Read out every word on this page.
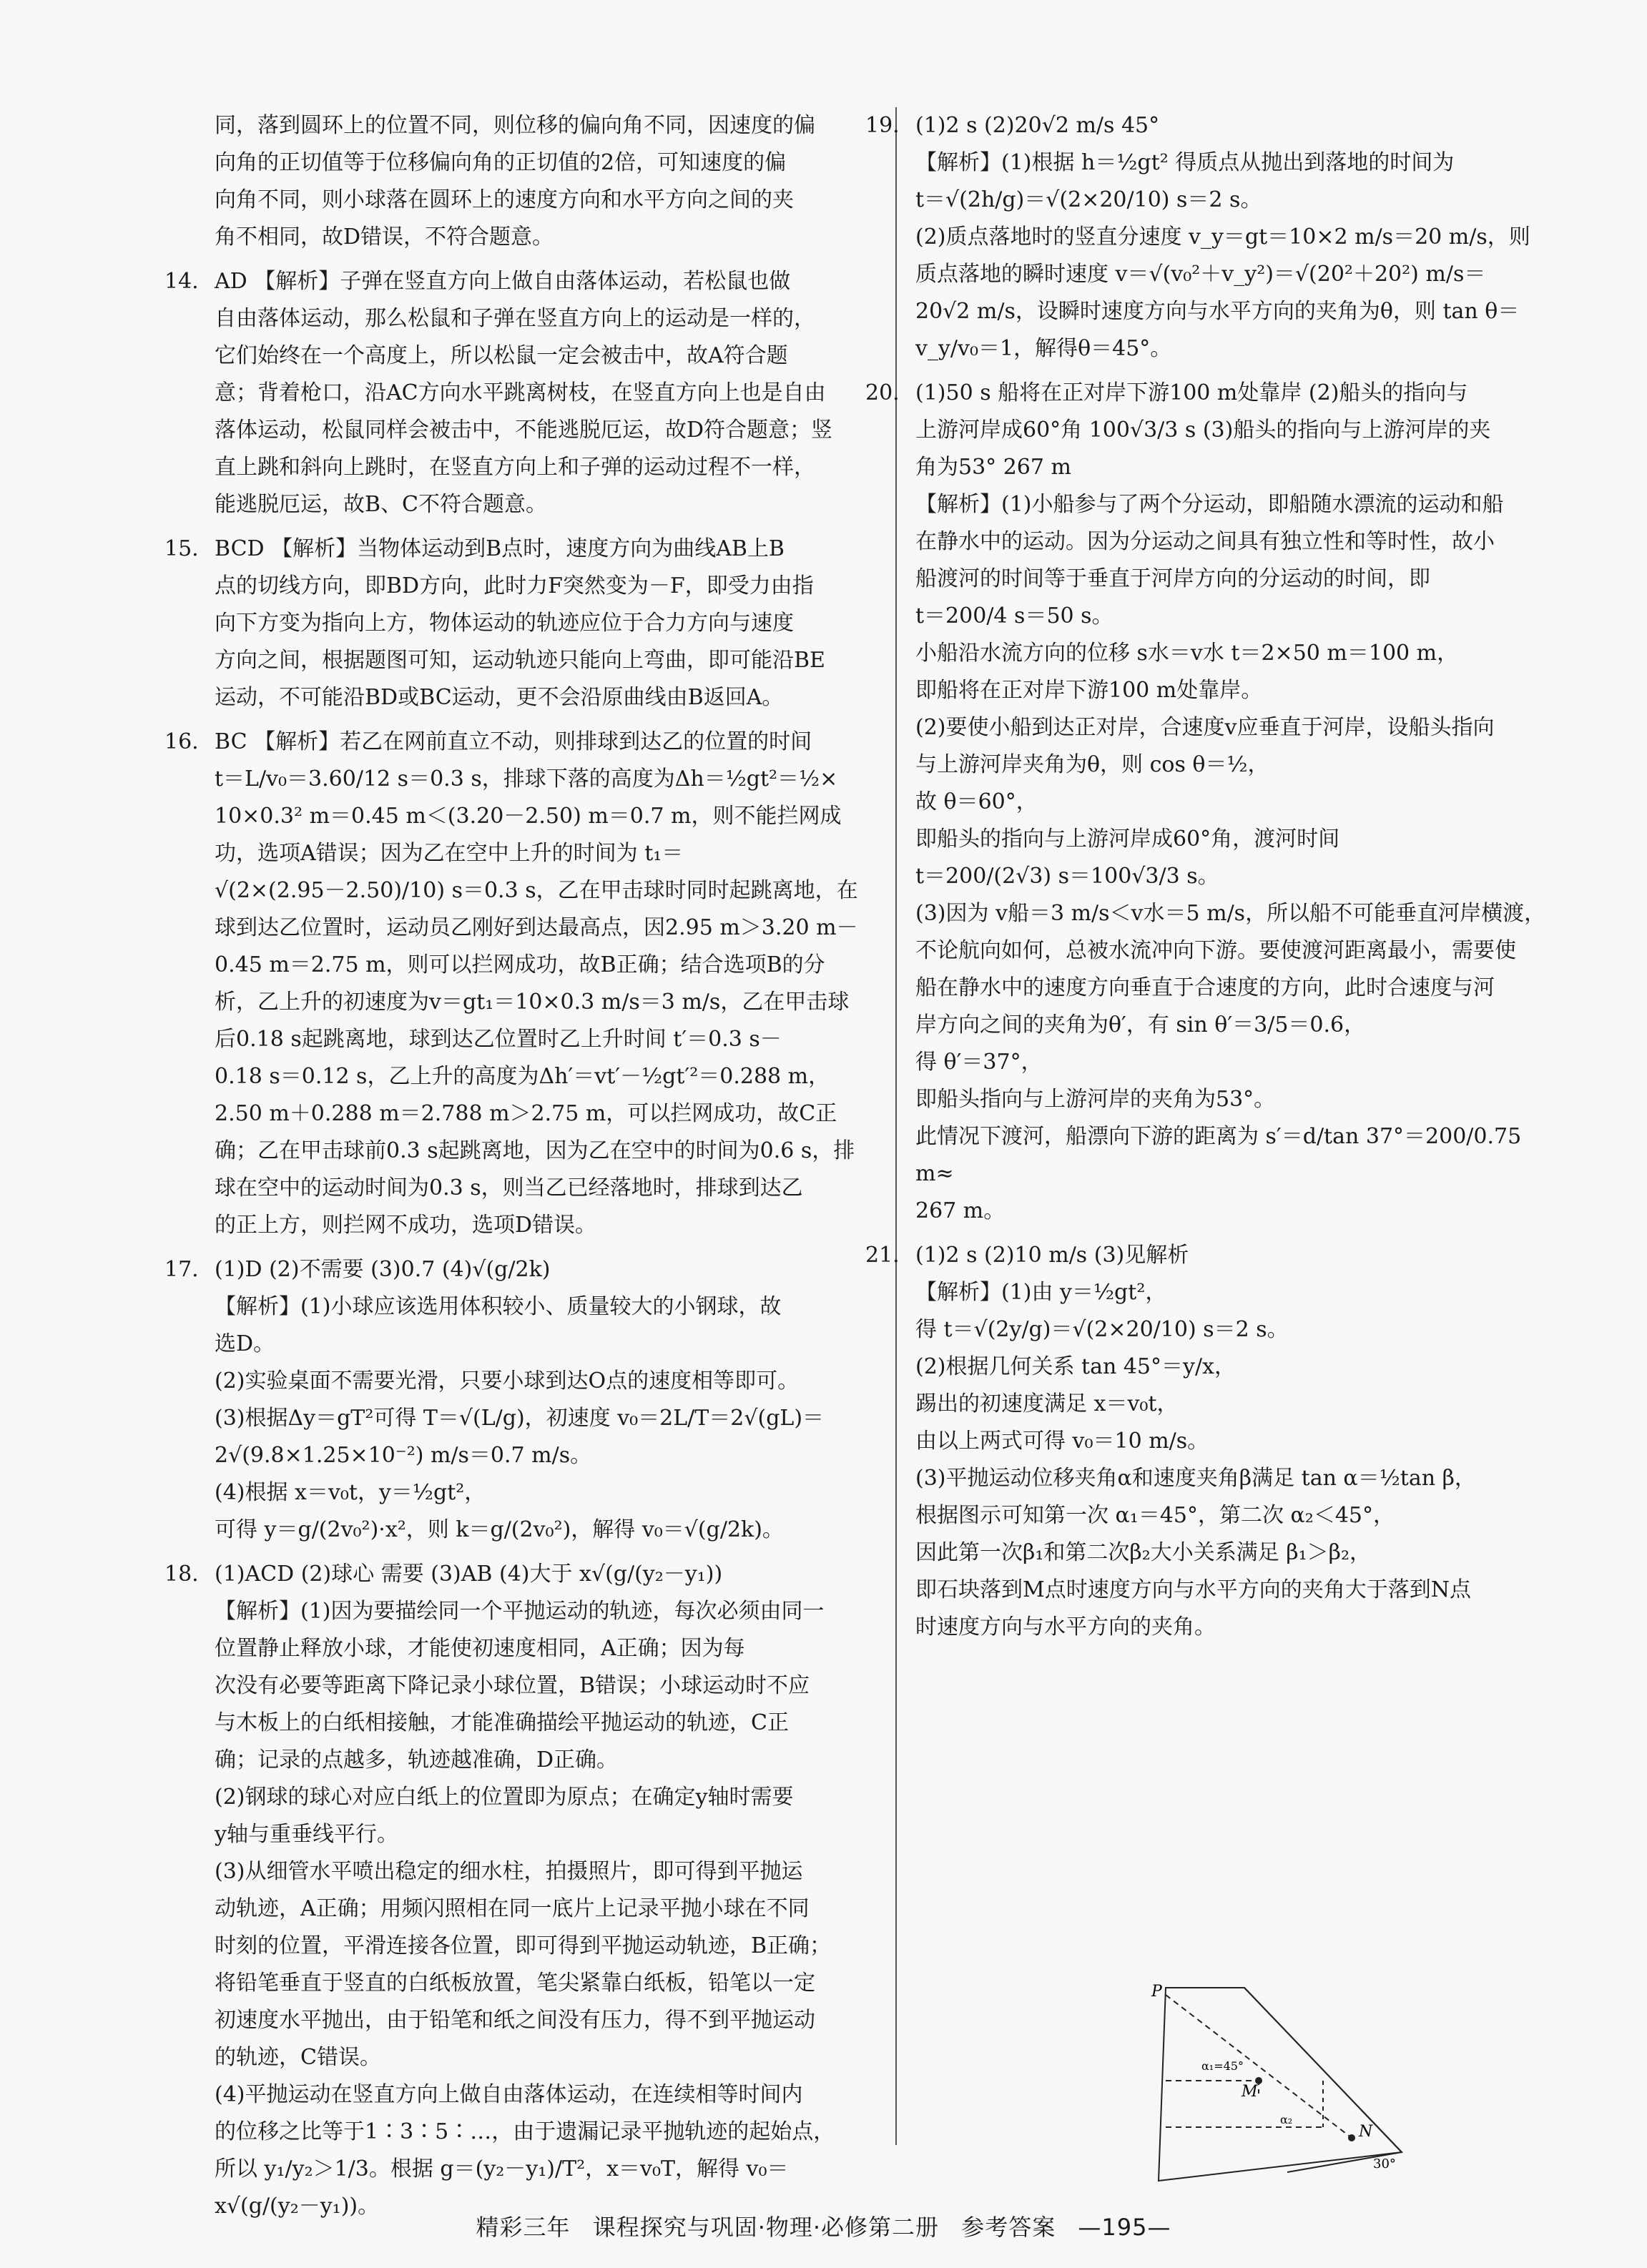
同，落到圆环上的位置不同，则位移的偏向角不同，因速度的偏

向角的正切值等于位移偏向角的正切值的2倍，可知速度的偏

向角不同，则小球落在圆环上的速度方向和水平方向之间的夹

角不相同，故D错误，不符合题意。

14. AD 【解析】子弹在竖直方向上做自由落体运动，若松鼠也做

自由落体运动，那么松鼠和子弹在竖直方向上的运动是一样的，

它们始终在一个高度上，所以松鼠一定会被击中，故A符合题

意；背着枪口，沿AC方向水平跳离树枝，在竖直方向上也是自由

落体运动，松鼠同样会被击中，不能逃脱厄运，故D符合题意；竖

直上跳和斜向上跳时，在竖直方向上和子弹的运动过程不一样，

能逃脱厄运，故B、C不符合题意。

15. BCD 【解析】当物体运动到B点时，速度方向为曲线AB上B

点的切线方向，即BD方向，此时力F突然变为－F，即受力由指

向下方变为指向上方，物体运动的轨迹应位于合力方向与速度

方向之间，根据题图可知，运动轨迹只能向上弯曲，即可能沿BE

运动，不可能沿BD或BC运动，更不会沿原曲线由B返回A。

16. BC 【解析】若乙在网前直立不动，则排球到达乙的位置的时间

t＝L/v₀＝3.60/12 s＝0.3 s，排球下落的高度为Δh＝½gt²＝½×

10×0.3² m＝0.45 m＜(3.20－2.50) m＝0.7 m，则不能拦网成

功，选项A错误；因为乙在空中上升的时间为 t₁＝

√(2×(2.95－2.50)/10) s＝0.3 s，乙在甲击球时同时起跳离地，在

球到达乙位置时，运动员乙刚好到达最高点，因2.95 m＞3.20 m－

0.45 m＝2.75 m，则可以拦网成功，故B正确；结合选项B的分

析，乙上升的初速度为v＝gt₁＝10×0.3 m/s＝3 m/s，乙在甲击球

后0.18 s起跳离地，球到达乙位置时乙上升时间 t′＝0.3 s－

0.18 s＝0.12 s，乙上升的高度为Δh′＝vt′－½gt′²＝0.288 m，

2.50 m＋0.288 m＝2.788 m＞2.75 m，可以拦网成功，故C正

确；乙在甲击球前0.3 s起跳离地，因为乙在空中的时间为0.6 s，排

球在空中的运动时间为0.3 s，则当乙已经落地时，排球到达乙

的正上方，则拦网不成功，选项D错误。

17. (1)D (2)不需要 (3)0.7 (4)√(g/2k)

【解析】(1)小球应该选用体积较小、质量较大的小钢球，故

选D。

(2)实验桌面不需要光滑，只要小球到达O点的速度相等即可。

(3)根据Δy＝gT²可得 T＝√(L/g)，初速度 v₀＝2L/T＝2√(gL)＝

2√(9.8×1.25×10⁻²) m/s＝0.7 m/s。

(4)根据 x＝v₀t，y＝½gt²，

可得 y＝g/(2v₀²)·x²，则 k＝g/(2v₀²)，解得 v₀＝√(g/2k)。

18. (1)ACD (2)球心 需要 (3)AB (4)大于 x√(g/(y₂－y₁))

【解析】(1)因为要描绘同一个平抛运动的轨迹，每次必须由同一

位置静止释放小球，才能使初速度相同，A正确；因为每

次没有必要等距离下降记录小球位置，B错误；小球运动时不应

与木板上的白纸相接触，才能准确描绘平抛运动的轨迹，C正

确；记录的点越多，轨迹越准确，D正确。

(2)钢球的球心对应白纸上的位置即为原点；在确定y轴时需要

y轴与重垂线平行。

(3)从细管水平喷出稳定的细水柱，拍摄照片，即可得到平抛运

动轨迹，A正确；用频闪照相在同一底片上记录平抛小球在不同

时刻的位置，平滑连接各位置，即可得到平抛运动轨迹，B正确；

将铅笔垂直于竖直的白纸板放置，笔尖紧靠白纸板，铅笔以一定

初速度水平抛出，由于铅笔和纸之间没有压力，得不到平抛运动

的轨迹，C错误。

(4)平抛运动在竖直方向上做自由落体运动，在连续相等时间内

的位移之比等于1∶3∶5∶…，由于遗漏记录平抛轨迹的起始点，

所以 y₁/y₂＞1/3。根据 g＝(y₂－y₁)/T²，x＝v₀T，解得 v₀＝x√(g/(y₂－y₁))。

19. (1)2 s (2)20√2 m/s 45°

【解析】(1)根据 h＝½gt² 得质点从抛出到落地的时间为

t＝√(2h/g)＝√(2×20/10) s＝2 s。

(2)质点落地时的竖直分速度 v_y＝gt＝10×2 m/s＝20 m/s，则

质点落地的瞬时速度 v＝√(v₀²＋v_y²)＝√(20²＋20²) m/s＝

20√2 m/s，设瞬时速度方向与水平方向的夹角为θ，则 tan θ＝

v_y/v₀＝1，解得θ＝45°。

20. (1)50 s 船将在正对岸下游100 m处靠岸 (2)船头的指向与

上游河岸成60°角 100√3/3 s (3)船头的指向与上游河岸的夹

角为53° 267 m

【解析】(1)小船参与了两个分运动，即船随水漂流的运动和船

在静水中的运动。因为分运动之间具有独立性和等时性，故小

船渡河的时间等于垂直于河岸方向的分运动的时间，即

t＝200/4 s＝50 s。

小船沿水流方向的位移 s水＝v水 t＝2×50 m＝100 m，

即船将在正对岸下游100 m处靠岸。

(2)要使小船到达正对岸，合速度v应垂直于河岸，设船头指向

与上游河岸夹角为θ，则 cos θ＝½，

故 θ＝60°，

即船头的指向与上游河岸成60°角，渡河时间

t＝200/(2√3) s＝100√3/3 s。

(3)因为 v船＝3 m/s＜v水＝5 m/s，所以船不可能垂直河岸横渡，

不论航向如何，总被水流冲向下游。要使渡河距离最小，需要使

船在静水中的速度方向垂直于合速度的方向，此时合速度与河

岸方向之间的夹角为θ′，有 sin θ′＝3/5＝0.6，

得 θ′＝37°，

即船头指向与上游河岸的夹角为53°。

此情况下渡河，船漂向下游的距离为 s′＝d/tan 37°＝200/0.75 m≈

267 m。

21. (1)2 s (2)10 m/s (3)见解析

【解析】(1)由 y＝½gt²，

得 t＝√(2y/g)＝√(2×20/10) s＝2 s。

(2)根据几何关系 tan 45°＝y/x，

踢出的初速度满足 x＝v₀t，

由以上两式可得 v₀＝10 m/s。

(3)平抛运动位移夹角α和速度夹角β满足 tan α＝½tan β，

根据图示可知第一次 α₁＝45°，第二次 α₂＜45°，

因此第一次β₁和第二次β₂大小关系满足 β₁＞β₂，

即石块落到M点时速度方向与水平方向的夹角大于落到N点

时速度方向与水平方向的夹角。

P
M
N
α₁=45°
α₂
30°
精彩三年 课程探究与巩固·物理·必修第二册 参考答案 —195—
